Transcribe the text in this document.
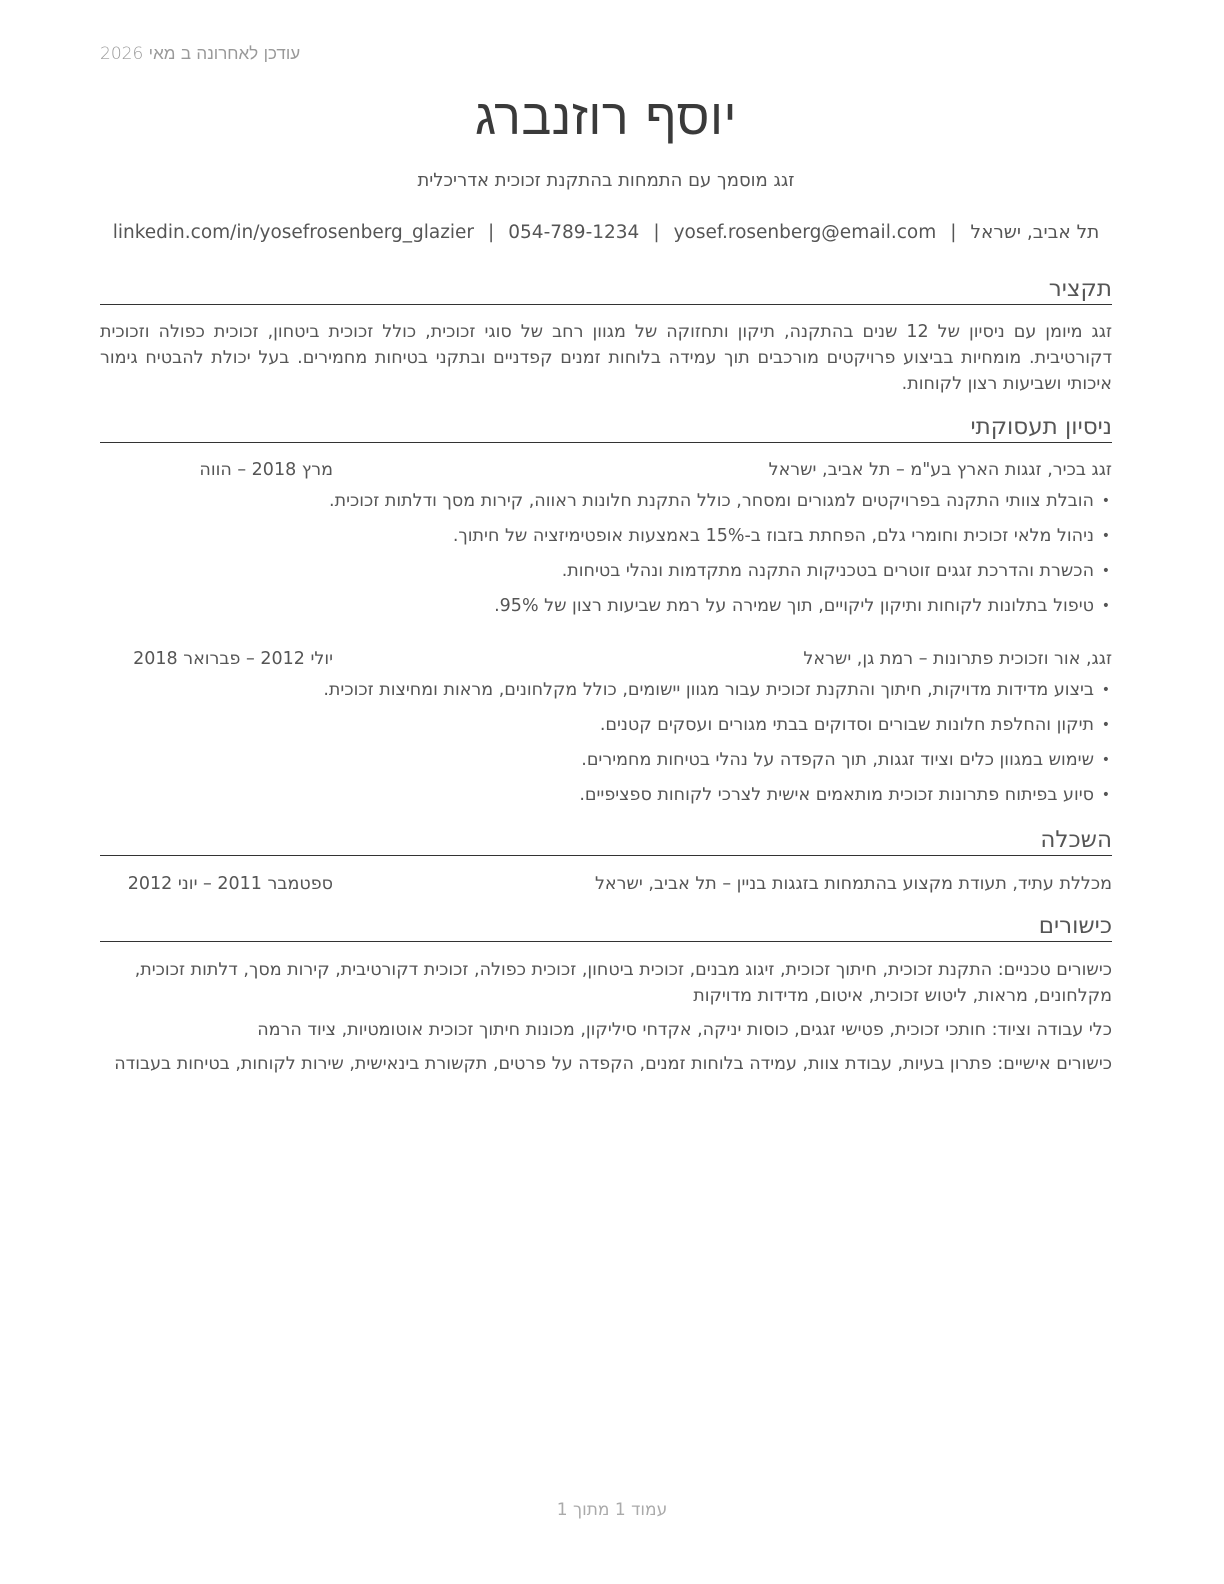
עודכן לאחרונה ב מאי 2026
יוסף רוזנברג
זגג מוסמך עם התמחות בהתקנת זכוכית אדריכלית
תל אביב, ישראל|yosef.rosenberg@email.com|054-789-1234|linkedin.com/in/yosefrosenberg_glazier
תקציר
זגג מיומן עם ניסיון של 12 שנים בהתקנה, תיקון ותחזוקה של מגוון רחב של סוגי זכוכית, כולל זכוכית ביטחון, זכוכית כפולה וזכוכית דקורטיבית. מומחיות בביצוע פרויקטים מורכבים תוך עמידה בלוחות זמנים קפדניים ובתקני בטיחות מחמירים. בעל יכולת להבטיח גימור איכותי ושביעות רצון לקוחות.
ניסיון תעסוקתי
זגג בכיר, זגגות הארץ בע"מ – תל אביב, ישראל
מרץ 2018 – הווה
•
הובלת צוותי התקנה בפרויקטים למגורים ומסחר, כולל התקנת חלונות ראווה, קירות מסך ודלתות זכוכית.
•
ניהול מלאי זכוכית וחומרי גלם, הפחתת בזבוז ב-15% באמצעות אופטימיזציה של חיתוך.
•
הכשרת והדרכת זגגים זוטרים בטכניקות התקנה מתקדמות ונהלי בטיחות.
•
טיפול בתלונות לקוחות ותיקון ליקויים, תוך שמירה על רמת שביעות רצון של 95%.
זגג, אור וזכוכית פתרונות – רמת גן, ישראל
יולי 2012 – פברואר 2018
•
ביצוע מדידות מדויקות, חיתוך והתקנת זכוכית עבור מגוון יישומים, כולל מקלחונים, מראות ומחיצות זכוכית.
•
תיקון והחלפת חלונות שבורים וסדוקים בבתי מגורים ועסקים קטנים.
•
שימוש במגוון כלים וציוד זגגות, תוך הקפדה על נהלי בטיחות מחמירים.
•
סיוע בפיתוח פתרונות זכוכית מותאמים אישית לצרכי לקוחות ספציפיים.
השכלה
מכללת עתיד, תעודת מקצוע בהתמחות בזגגות בניין – תל אביב, ישראל
ספטמבר 2011 – יוני 2012
כישורים
כישורים טכניים: התקנת זכוכית, חיתוך זכוכית, זיגוג מבנים, זכוכית ביטחון, זכוכית כפולה, זכוכית דקורטיבית, קירות מסך, דלתות זכוכית, מקלחונים, מראות, ליטוש זכוכית, איטום, מדידות מדויקות
כלי עבודה וציוד: חותכי זכוכית, פטישי זגגים, כוסות יניקה, אקדחי סיליקון, מכונות חיתוך זכוכית אוטומטיות, ציוד הרמה
כישורים אישיים: פתרון בעיות, עבודת צוות, עמידה בלוחות זמנים, הקפדה על פרטים, תקשורת בינאישית, שירות לקוחות, בטיחות בעבודה
עמוד 1 מתוך 1
